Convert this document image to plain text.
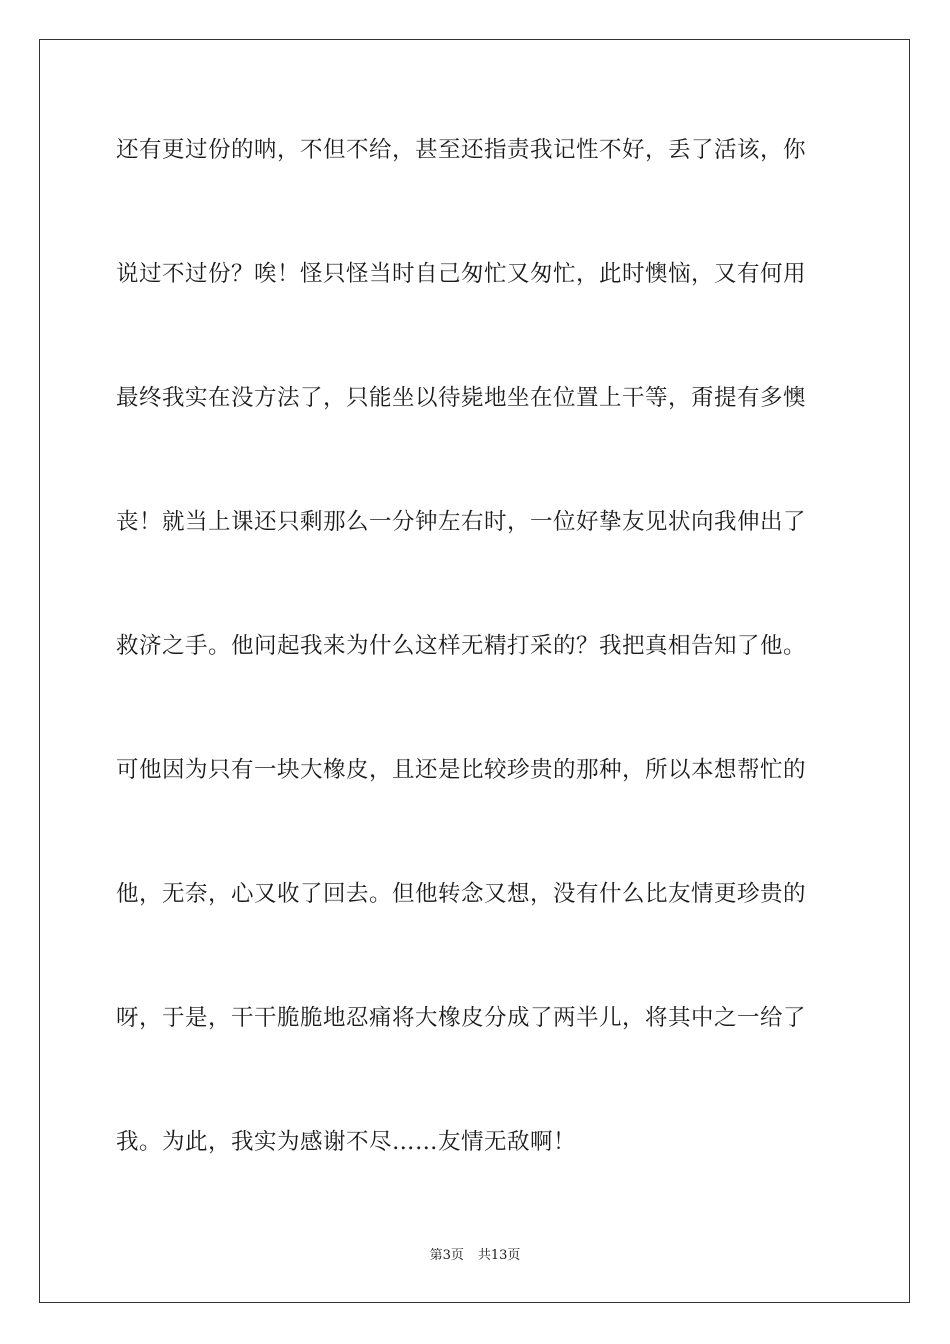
还有更过份的呐，不但不给，甚至还指责我记性不好，丢了活该，你
说过不过份？唉！怪只怪当时自己匆忙又匆忙，此时懊恼，又有何用
最终我实在没方法了，只能坐以待毙地坐在位置上干等，甭提有多懊
丧！就当上课还只剩那么一分钟左右时，一位好挚友见状向我伸出了
救济之手。他问起我来为什么这样无精打采的？我把真相告知了他。
可他因为只有一块大橡皮，且还是比较珍贵的那种，所以本想帮忙的
他，无奈，心又收了回去。但他转念又想，没有什么比友情更珍贵的
呀，于是，干干脆脆地忍痛将大橡皮分成了两半儿，将其中之一给了
我。为此，我实为感谢不尽……友情无敌啊！
第3页 共13页
